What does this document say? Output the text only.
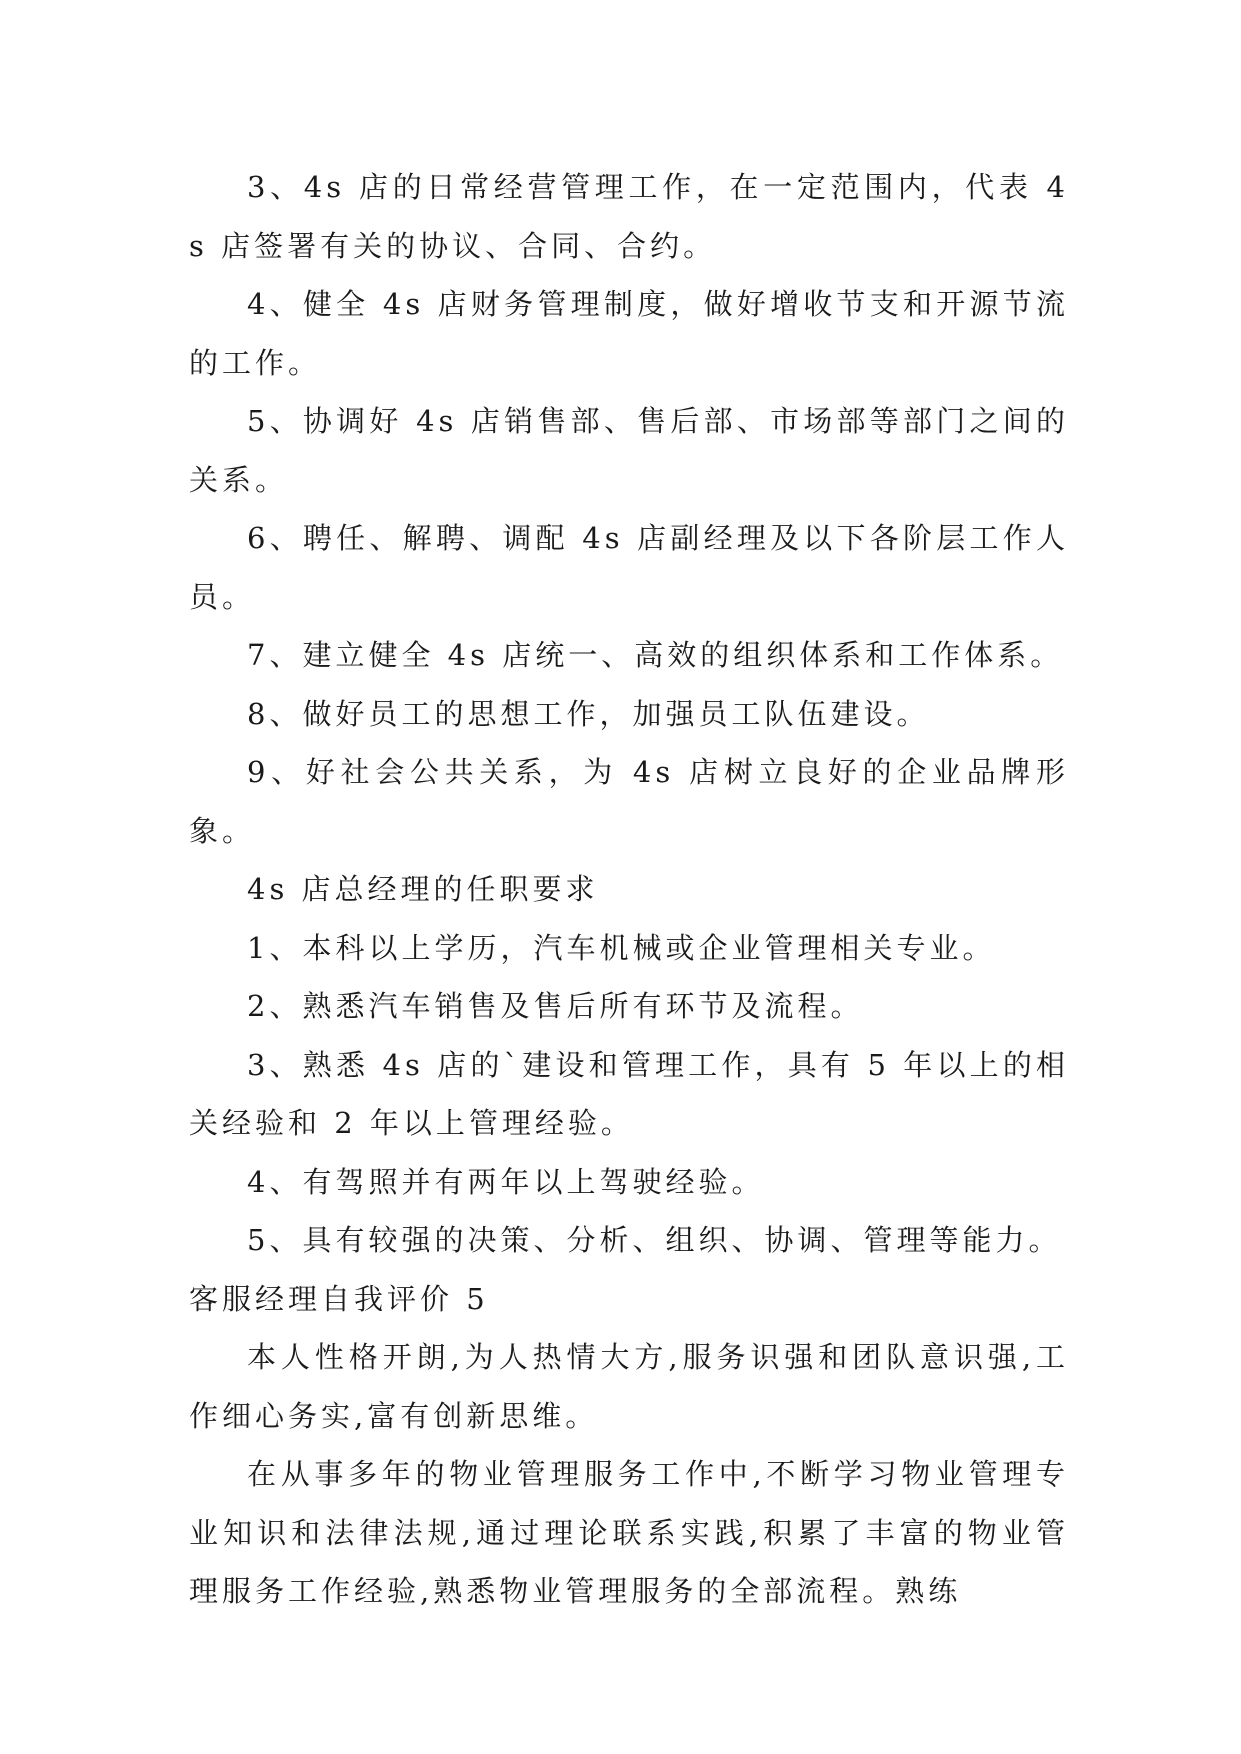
3、4s 店的日常经营管理工作，在一定范围内，代表 4s 店签署有关的协议、合同、合约。

4、健全 4s 店财务管理制度，做好增收节支和开源节流的工作。

5、协调好 4s 店销售部、售后部、市场部等部门之间的关系。

6、聘任、解聘、调配 4s 店副经理及以下各阶层工作人员。

7、建立健全 4s 店统一、高效的组织体系和工作体系。

8、做好员工的思想工作，加强员工队伍建设。

9、好社会公共关系，为 4s 店树立良好的企业品牌形象。

4s 店总经理的任职要求

1、本科以上学历，汽车机械或企业管理相关专业。

2、熟悉汽车销售及售后所有环节及流程。

3、熟悉 4s 店的`建设和管理工作，具有 5 年以上的相关经验和 2 年以上管理经验。

4、有驾照并有两年以上驾驶经验。

5、具有较强的决策、分析、组织、协调、管理等能力。

客服经理自我评价 5

本人性格开朗,为人热情大方,服务识强和团队意识强,工作细心务实,富有创新思维。

在从事多年的物业管理服务工作中,不断学习物业管理专业知识和法律法规,通过理论联系实践,积累了丰富的物业管理服务工作经验,熟悉物业管理服务的全部流程。熟练
